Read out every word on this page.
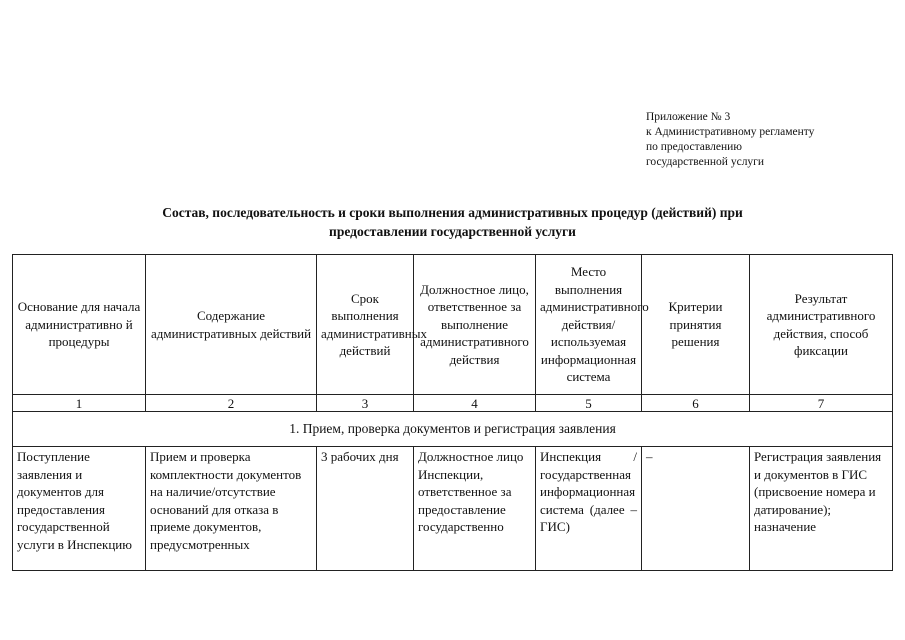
Приложение № 3
к Административному регламенту
по предоставлению
государственной услуги
Состав, последовательность и сроки выполнения административных процедур (действий) при
предоставлении государственной услуги
Основание для начала административно й процедуры	Содержание административных действий	Срок выполнения административных действий	Должностное лицо, ответственное за выполнение административного действия	Место выполнения административного действия/ используемая информационная система	Критерии принятия решения	Результат административного действия, способ фиксации
1	2	3	4	5	6	7
1. Прием, проверка документов и регистрация заявления						
Поступление заявления и документов для предоставления государственной услуги в Инспекцию	Прием и проверка комплектности документов на наличие/отсутствие оснований для отказа в приеме документов, предусмотренных	3 рабочих дня	Должностное лицо Инспекции, ответственное за предоставление государственно	Инспекция / государственная информационная система (далее – ГИС)	–	Регистрация заявления и документов в ГИС (присвоение номера и датирование); назначение
